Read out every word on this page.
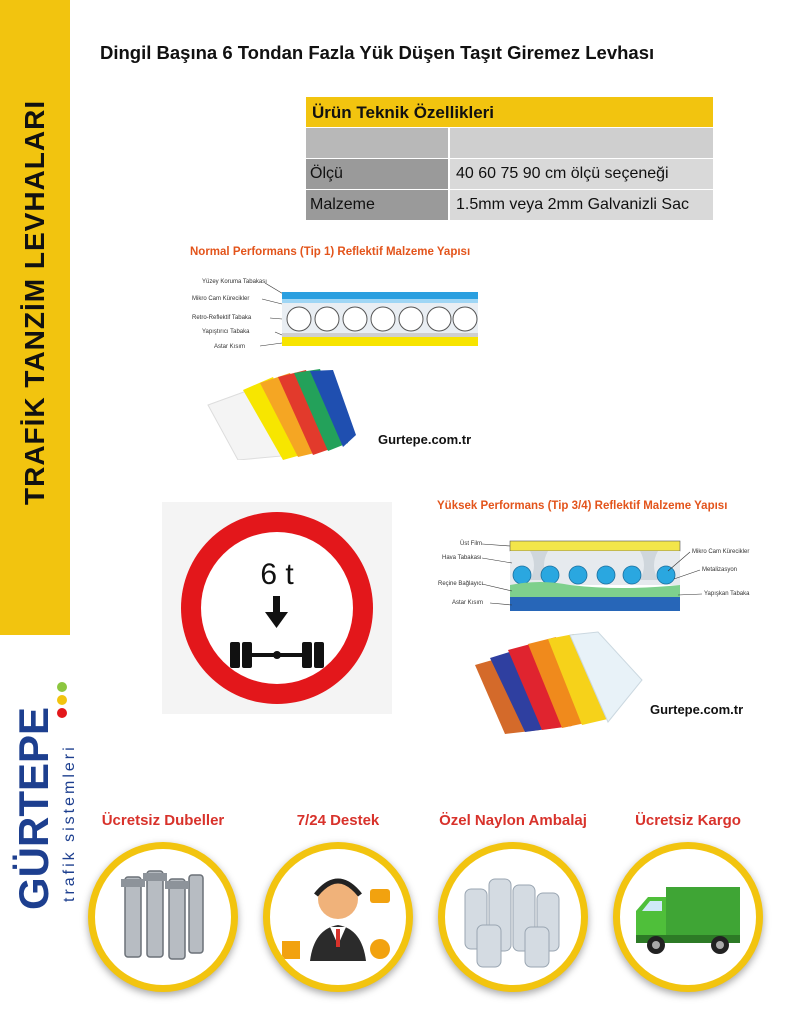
TRAFİK TANZİM LEVHALARI
GÜRTEPE trafik sistemleri
Dingil Başına 6 Tondan Fazla Yük Düşen Taşıt Giremez Levhası
Ürün Teknik Özellikleri
Ölçü	40 60 75 90 cm ölçü seçeneği
Malzeme	1.5mm veya 2mm Galvanizli Sac
Normal Performans (Tip 1) Reflektif Malzeme Yapısı
Yüzey Koruma Tabakası
Mikro Cam Kürecikler
Retro-Reflektif Tabaka
Yapıştırıcı Tabaka
Astar Kısım
Gurtepe.com.tr
6 t
Yüksek Performans (Tip 3/4) Reflektif Malzeme Yapısı
Üst Film
Hava Tabakası
Reçine Bağlayıcı
Astar Kısım
Mikro Cam Kürecikler
Metalizasyon
Yapışkan Tabaka
Gurtepe.com.tr
Ücretsiz Dubeller	7/24 Destek	Özel Naylon Ambalaj	Ücretsiz Kargo
